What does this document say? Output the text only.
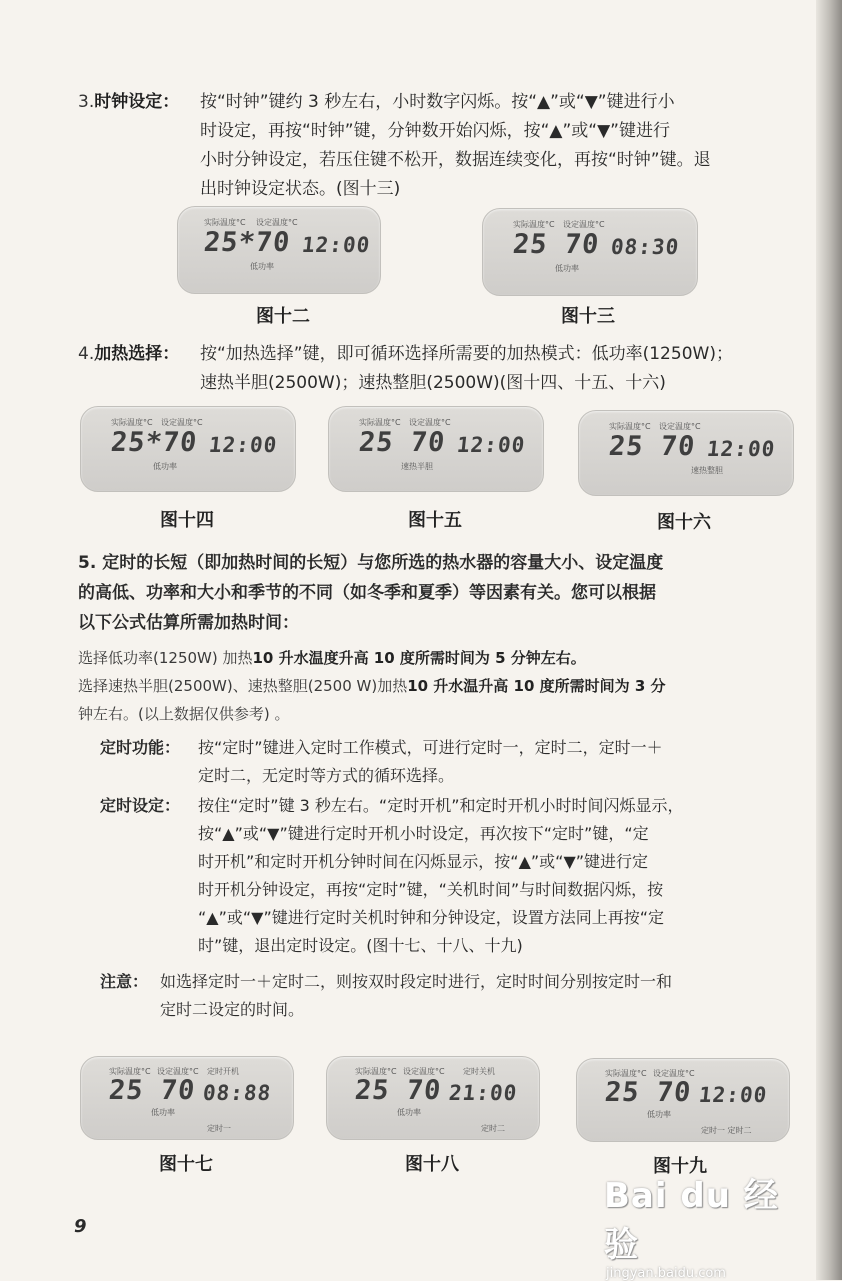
3.时钟设定：	按“时钟”键约 3 秒左右，小时数字闪烁。按“▲”或“▼”键进行小
时设定，再按“时钟”键，分钟数开始闪烁，按“▲”或“▼”键进行
小时分钟设定，若压住键不松开，数据连续变化，再按“时钟”键。退
出时钟设定状态。(图十三)
实际温度°C 设定温度°C
25*70 12:00
低功率
图十二
实际温度°C 设定温度°C
25 70 08:30
低功率
图十三
4.加热选择：	按“加热选择”键，即可循环选择所需要的加热模式：低功率(1250W)；
速热半胆(2500W)；速热整胆(2500W)(图十四、十五、十六)
实际温度°C 设定温度°C
25*70 12:00
低功率
图十四
实际温度°C 设定温度°C
25 70 12:00
速热半胆
图十五
实际温度°C 设定温度°C
25 70 12:00
速热整胆
图十六
5. 定时的长短（即加热时间的长短）与您所选的热水器的容量大小、设定温度
的高低、功率和大小和季节的不同（如冬季和夏季）等因素有关。您可以根据
以下公式估算所需加热时间：
选择低功率(1250W) 加热10 升水温度升高 10 度所需时间为 5 分钟左右。
选择速热半胆(2500W)、速热整胆(2500 W)加热10 升水温升高 10 度所需时间为 3 分
钟左右。(以上数据仅供参考) 。
定时功能：	按“定时”键进入定时工作模式，可进行定时一，定时二，定时一＋
定时二，无定时等方式的循环选择。
定时设定：	按住“定时”键 3 秒左右。“定时开机”和定时开机小时时间闪烁显示，
按“▲”或“▼”键进行定时开机小时设定，再次按下“定时”键，“定
时开机”和定时开机分钟时间在闪烁显示，按“▲”或“▼”键进行定
时开机分钟设定，再按“定时”键，“关机时间”与时间数据闪烁，按
“▲”或“▼”键进行定时关机时钟和分钟设定，设置方法同上再按“定
时”键，退出定时设定。(图十七、十八、十九)
注意： 如选择定时一＋定时二，则按双时段定时进行，定时时间分别按定时一和
定时二设定的时间。
实际温度°C 设定温度°C 定时开机
25 70 08:88
低功率
定时一
图十七
实际温度°C 设定温度°C 定时关机
25 70 21:00
低功率
定时二
图十八
实际温度°C 设定温度°C
25 70 12:00
低功率
定时一 定时二
图十九
9
Bai du 经验
jingyan.baidu.com
